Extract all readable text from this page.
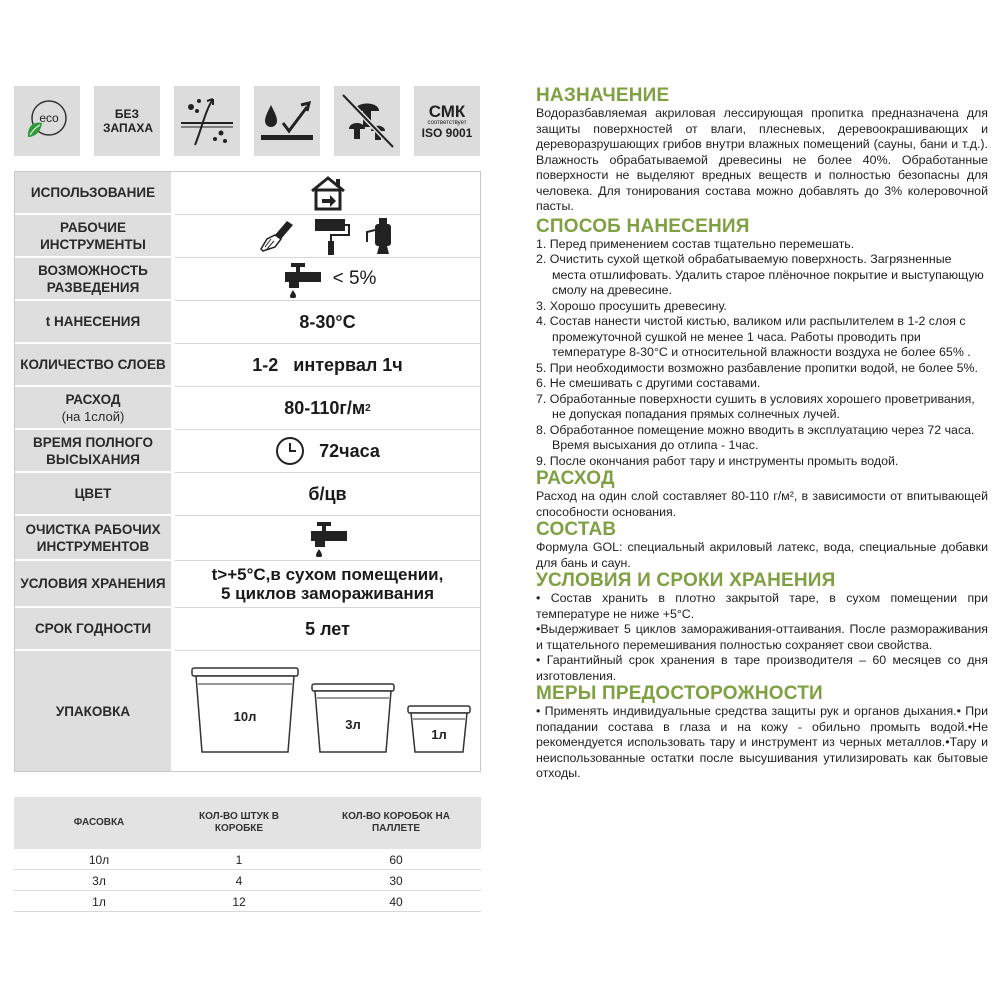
eco	БЕЗ ЗАПАХА
СМК
соответствует
ISO 9001
ИСПОЛЬЗОВАНИЕ
РАБОЧИЕ ИНСТРУМЕНТЫ
ВОЗМОЖНОСТЬ РАЗВЕДЕНИЯ	< 5%
t НАНЕСЕНИЯ	8-30°С
КОЛИЧЕСТВО СЛОЕВ	1-2   интервал 1ч
РАСХОД
(на 1слой)	80-110г/м 2
ВРЕМЯ ПОЛНОГО ВЫСЫХАНИЯ	72часа
ЦВЕТ	б/цв
ОЧИСТКА РАБОЧИХ ИНСТРУМЕНТОВ
УСЛОВИЯ ХРАНЕНИЯ	t>+5°С,в сухом помещении,
5 циклов замораживания
СРОК ГОДНОСТИ	5 лет
УПАКОВКА	10л
3л
1л
ФАСОВКА
КОЛ-ВО ШТУК В КОРОБКЕ
КОЛ-ВО КОРОБОК НА ПАЛЛЕТЕ
10л	1	60
3л	4	30
1л	12	40
НАЗНАЧЕНИЕ
Водоразбавляемая акриловая лессирующая пропитка предназначена для защиты поверхностей от влаги, плесневых, деревоокрашивающих и дереворазрушающих грибов внутри влажных помещений (сауны, бани и т.д.). Влажность обрабатываемой древесины не более 40%. Обработанные поверхности не выделяют вредных веществ и полностью безопасны для человека. Для тонирования состава можно добавлять до 3% колеровочной пасты.
СПОСОБ НАНЕСЕНИЯ
1. Перед применением состав тщательно перемешать.
2. Очистить сухой щеткой обрабатываемую поверхность. Загрязненные места отшлифовать. Удалить старое плёночное покрытие и выступающую смолу на древесине.
3. Хорошо просушить древесину.
4. Состав нанести чистой кистью, валиком или распылителем в 1-2 слоя с промежуточной сушкой не менее 1 часа. Работы проводить при температуре 8-30°С и относительной влажности воздуха не более 65% .
5. При необходимости возможно разбавление пропитки водой, не более 5%.
6. Не смешивать с другими составами.
7. Обработанные поверхности сушить в условиях хорошего проветривания, не допуская попадания прямых солнечных лучей.
8. Обработанное помещение можно вводить в эксплуатацию через 72 часа. Время высыхания до отлипа - 1час.
9. После окончания работ тару и инструменты промыть водой.
РАСХОД
Расход на один слой составляет 80-110 г/м², в зависимости от впитывающей способности основания.
СОСТАВ
Формула GOL: специальный акриловый латекс, вода, специальные добавки для бань и саун.
УСЛОВИЯ И СРОКИ ХРАНЕНИЯ
• Состав хранить в плотно закрытой таре, в сухом помещении при температуре не ниже +5°С.
•Выдерживает 5 циклов замораживания-оттаивания. После размораживания и тщательного перемешивания полностью сохраняет свои свойства.
• Гарантийный срок хранения в таре производителя – 60 месяцев со дня изготовления.
МЕРЫ ПРЕДОСТОРОЖНОСТИ
• Применять индивидуальные средства защиты рук и органов дыхания.• При попадании состава в глаза и на кожу - обильно промыть водой.•Не рекомендуется использовать тару и инструмент из черных металлов.•Тару и неиспользованные остатки после высушивания утилизировать как бытовые отходы.
